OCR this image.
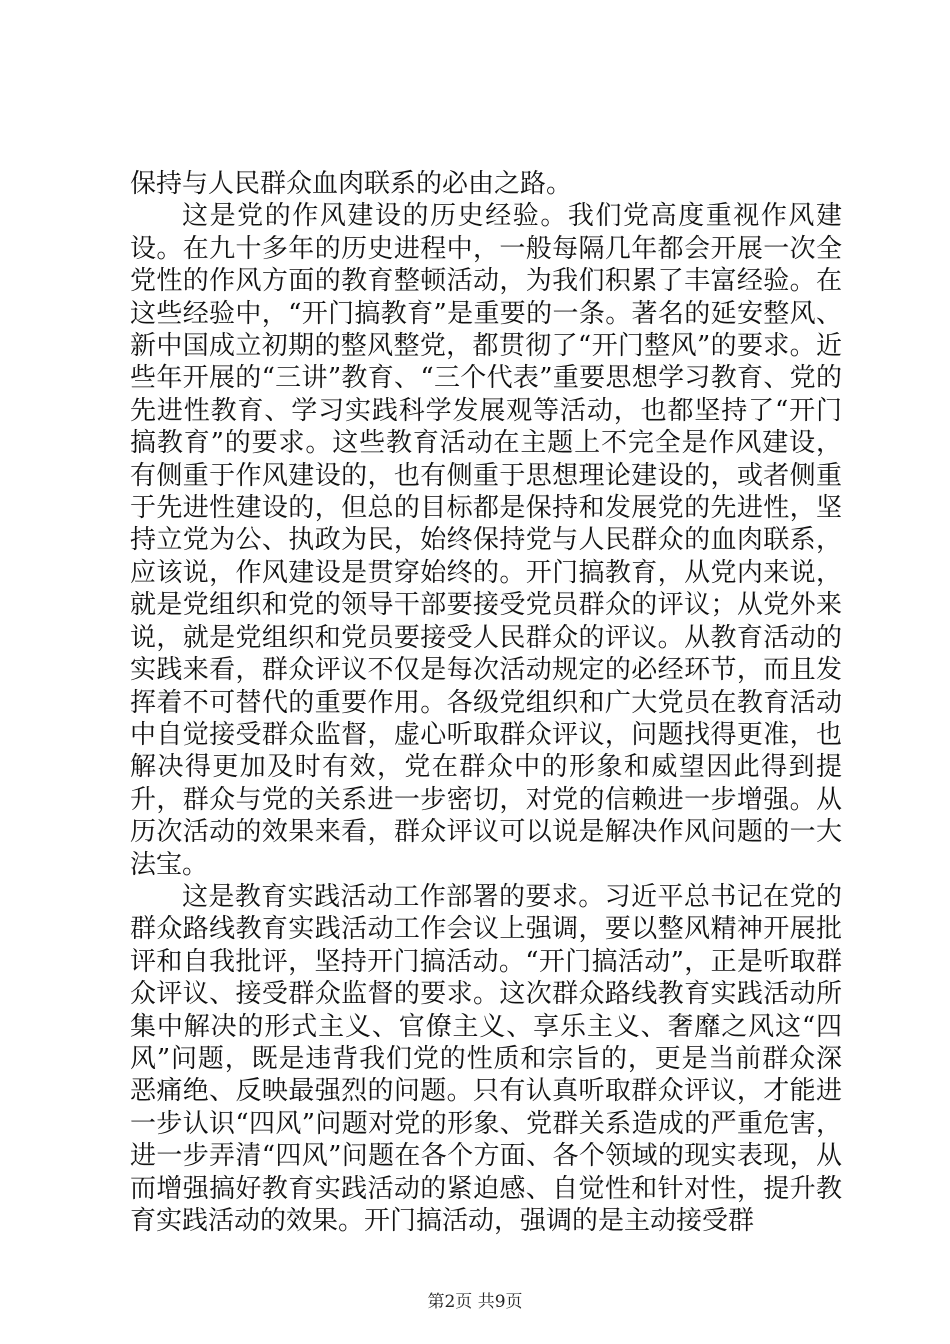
保持与人民群众血肉联系的必由之路。

这是党的作风建设的历史经验。我们党高度重视作风建设。在九十多年的历史进程中，一般每隔几年都会开展一次全党性的作风方面的教育整顿活动，为我们积累了丰富经验。在这些经验中，“开门搞教育”是重要的一条。著名的延安整风、新中国成立初期的整风整党，都贯彻了“开门整风”的要求。近些年开展的“三讲”教育、“三个代表”重要思想学习教育、党的先进性教育、学习实践科学发展观等活动，也都坚持了“开门搞教育”的要求。这些教育活动在主题上不完全是作风建设，有侧重于作风建设的，也有侧重于思想理论建设的，或者侧重于先进性建设的，但总的目标都是保持和发展党的先进性，坚持立党为公、执政为民，始终保持党与人民群众的血肉联系，应该说，作风建设是贯穿始终的。开门搞教育，从党内来说，就是党组织和党的领导干部要接受党员群众的评议；从党外来说，就是党组织和党员要接受人民群众的评议。从教育活动的实践来看，群众评议不仅是每次活动规定的必经环节，而且发挥着不可替代的重要作用。各级党组织和广大党员在教育活动中自觉接受群众监督，虚心听取群众评议，问题找得更准，也解决得更加及时有效，党在群众中的形象和威望因此得到提升，群众与党的关系进一步密切，对党的信赖进一步增强。从历次活动的效果来看，群众评议可以说是解决作风问题的一大法宝。

这是教育实践活动工作部署的要求。习近平总书记在党的群众路线教育实践活动工作会议上强调，要以整风精神开展批评和自我批评，坚持开门搞活动。“开门搞活动”，正是听取群众评议、接受群众监督的要求。这次群众路线教育实践活动所集中解决的形式主义、官僚主义、享乐主义、奢靡之风这“四风”问题，既是违背我们党的性质和宗旨的，更是当前群众深恶痛绝、反映最强烈的问题。只有认真听取群众评议，才能进一步认识“四风”问题对党的形象、党群关系造成的严重危害，进一步弄清“四风”问题在各个方面、各个领域的现实表现，从而增强搞好教育实践活动的紧迫感、自觉性和针对性，提升教育实践活动的效果。开门搞活动，强调的是主动接受群

第2页 共9页
